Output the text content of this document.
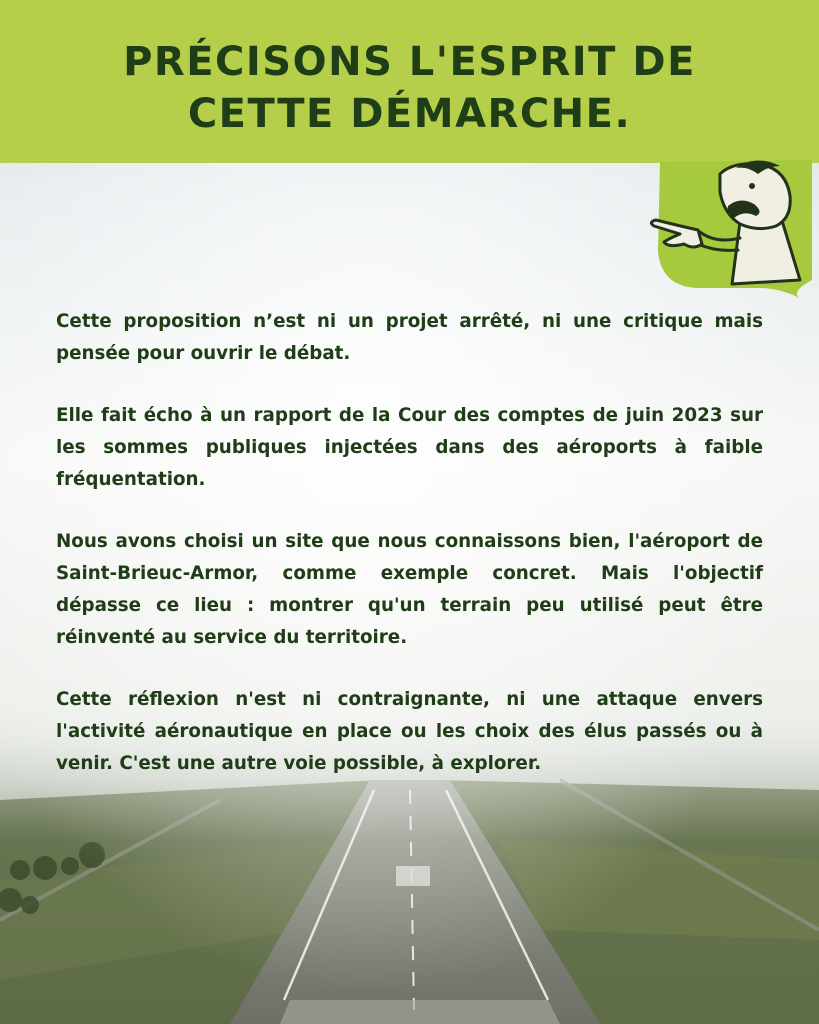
PRÉCISONS L'ESPRIT DE
CETTE DÉMARCHE.

Cette proposition n’est ni un projet arrêté, ni une critique mais pensée pour ouvrir le débat.

Elle fait écho à un rapport de la Cour des comptes de juin 2023 sur les sommes publiques injectées dans des aéroports à faible fréquentation.

Nous avons choisi un site que nous connaissons bien, l'aéroport de Saint-Brieuc-Armor, comme exemple concret. Mais l'objectif dépasse ce lieu : montrer qu'un terrain peu utilisé peut être réinventé au service du territoire.

Cette réflexion n'est ni contraignante, ni une attaque envers l'activité aéronautique en place ou les choix des élus passés ou à venir. C'est une autre voie possible, à explorer.
